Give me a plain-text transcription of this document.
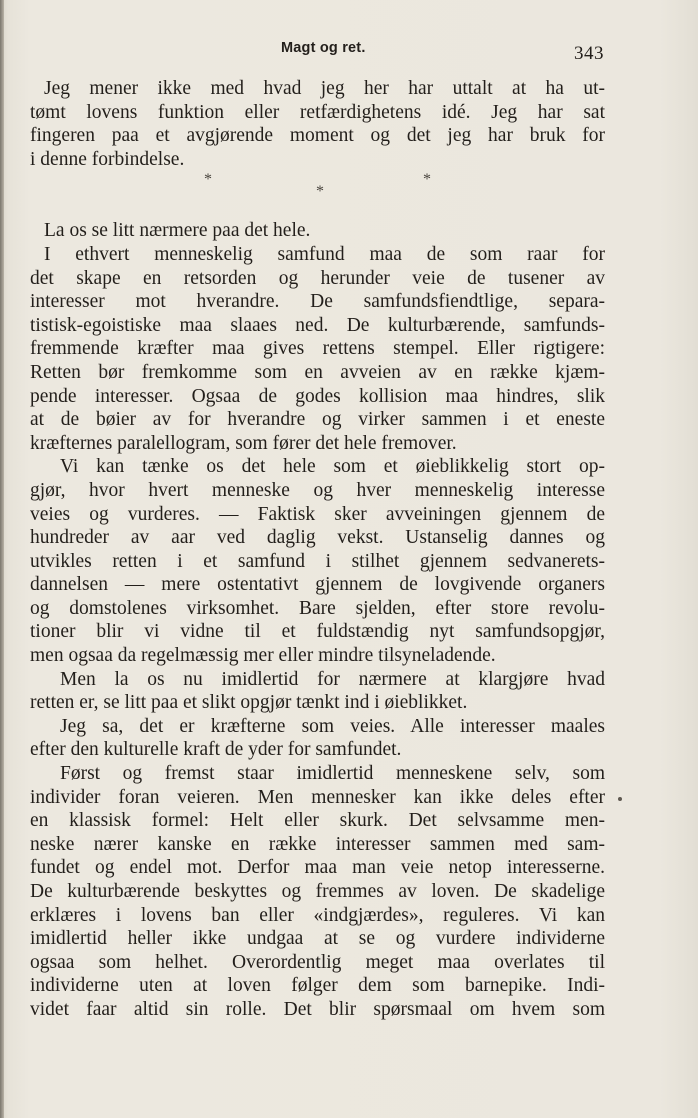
Magt og ret.	343
Jeg mener ikke med hvad jeg her har uttalt at ha ut-
tømt lovens funktion eller retfærdighetens idé. Jeg har sat
fingeren paa et avgjørende moment og det jeg har bruk for
i denne forbindelse.
*
*
*
La os se litt nærmere paa det hele.
I ethvert menneskelig samfund maa de som raar for
det skape en retsorden og herunder veie de tusener av
interesser mot hverandre. De samfundsfiendtlige, separa-
tistisk-egoistiske maa slaaes ned. De kulturbærende, samfunds-
fremmende kræfter maa gives rettens stempel. Eller rigtigere:
Retten bør fremkomme som en avveien av en række kjæm-
pende interesser. Ogsaa de godes kollision maa hindres, slik
at de bøier av for hverandre og virker sammen i et eneste
kræfternes paralellogram, som fører det hele fremover.
Vi kan tænke os det hele som et øieblikkelig stort op-
gjør, hvor hvert menneske og hver menneskelig interesse
veies og vurderes. — Faktisk sker avveiningen gjennem de
hundreder av aar ved daglig vekst. Ustanselig dannes og
utvikles retten i et samfund i stilhet gjennem sedvanerets-
dannelsen — mere ostentativt gjennem de lovgivende organers
og domstolenes virksomhet. Bare sjelden, efter store revolu-
tioner blir vi vidne til et fuldstændig nyt samfundsopgjør,
men ogsaa da regelmæssig mer eller mindre tilsyneladende.
Men la os nu imidlertid for nærmere at klargjøre hvad
retten er, se litt paa et slikt opgjør tænkt ind i øieblikket.
Jeg sa, det er kræfterne som veies. Alle interesser maales
efter den kulturelle kraft de yder for samfundet.
Først og fremst staar imidlertid menneskene selv, som
individer foran veieren. Men mennesker kan ikke deles efter
en klassisk formel: Helt eller skurk. Det selvsamme men-
neske nærer kanske en række interesser sammen med sam-
fundet og endel mot. Derfor maa man veie netop interesserne.
De kulturbærende beskyttes og fremmes av loven. De skadelige
erklæres i lovens ban eller «indgjærdes», reguleres. Vi kan
imidlertid heller ikke undgaa at se og vurdere individerne
ogsaa som helhet. Overordentlig meget maa overlates til
individerne uten at loven følger dem som barnepike. Indi-
videt faar altid sin rolle. Det blir spørsmaal om hvem som
